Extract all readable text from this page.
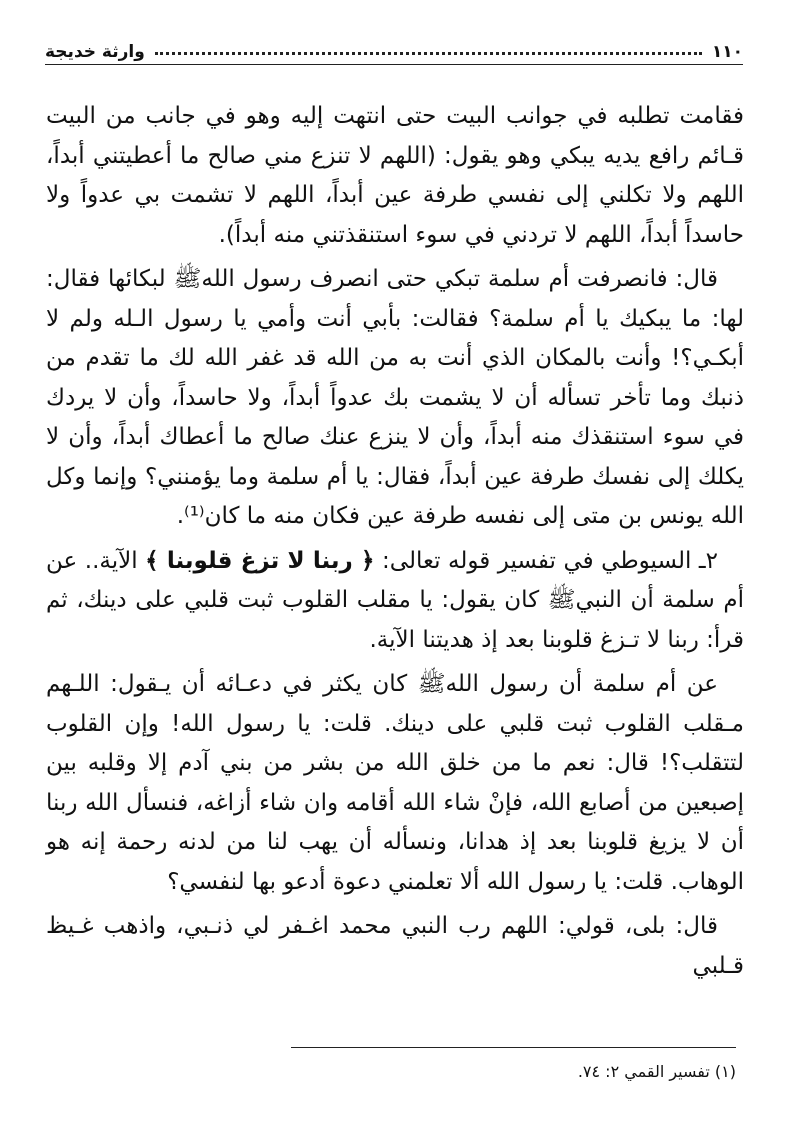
١١٠
وارثة خديجة

فقامت تطلبه في جوانب البيت حتى انتهت إليه وهو في جانب من البيت قـائم رافع يديه يبكي وهو يقول: (اللهم لا تنزع مني صالح ما أعطيتني أبداً، اللهم ولا تكلني إلى نفسي طرفة عين أبداً، اللهم لا تشمت بي عدواً ولا حاسداً أبداً، اللهم لا تردني في سوء استنقذتني منه أبداً).

قال: فانصرفت أم سلمة تبكي حتى انصرف رسول اللهﷺ لبكائها فقال: لها: ما يبكيك يا أم سلمة؟ فقالت: بأبي أنت وأمي يا رسول الـله ولم لا أبكـي؟! وأنت بالمكان الذي أنت به من الله قد غفر الله لك ما تقدم من ذنبك وما تأخر تسأله أن لا يشمت بك عدواً أبداً، ولا حاسداً، وأن لا يردك في سوء استنقذك منه أبداً، وأن لا ينزع عنك صالح ما أعطاك أبداً، وأن لا يكلك إلى نفسك طرفة عين أبداً، فقال: يا أم سلمة وما يؤمنني؟ وإنما وكل الله يونس بن متى إلى نفسه طرفة عين فكان منه ما كان⁽¹⁾.

٢ـ السيوطي في تفسير قوله تعالى: ﴿ ربنا لا تزغ قلوبنا ﴾ الآية.. عن أم سلمة أن النبيﷺ كان يقول: يا مقلب القلوب ثبت قلبي على دينك، ثم قرأ: ربنا لا تـزغ قلوبنا بعد إذ هديتنا الآية.

عن أم سلمة أن رسول اللهﷺ كان يكثر في دعـائه أن يـقول: اللـهم مـقلب القلوب ثبت قلبي على دينك. قلت: يا رسول الله! وإن القلوب لتتقلب؟! قال: نعم ما من خلق الله من بشر من بني آدم إلا وقلبه بين إصبعين من أصابع الله، فإنْ شاء الله أقامه وان شاء أزاغه، فنسأل الله ربنا أن لا يزيغ قلوبنا بعد إذ هدانا، ونسأله أن يهب لنا من لدنه رحمة إنه هو الوهاب. قلت: يا رسول الله ألا تعلمني دعوة أدعو بها لنفسي؟

قال: بلى، قولي: اللهم رب النبي محمد اغـفر لي ذنـبي، واذهب غـيظ قـلبي

(١) تفسير القمي ٢: ٧٤.
